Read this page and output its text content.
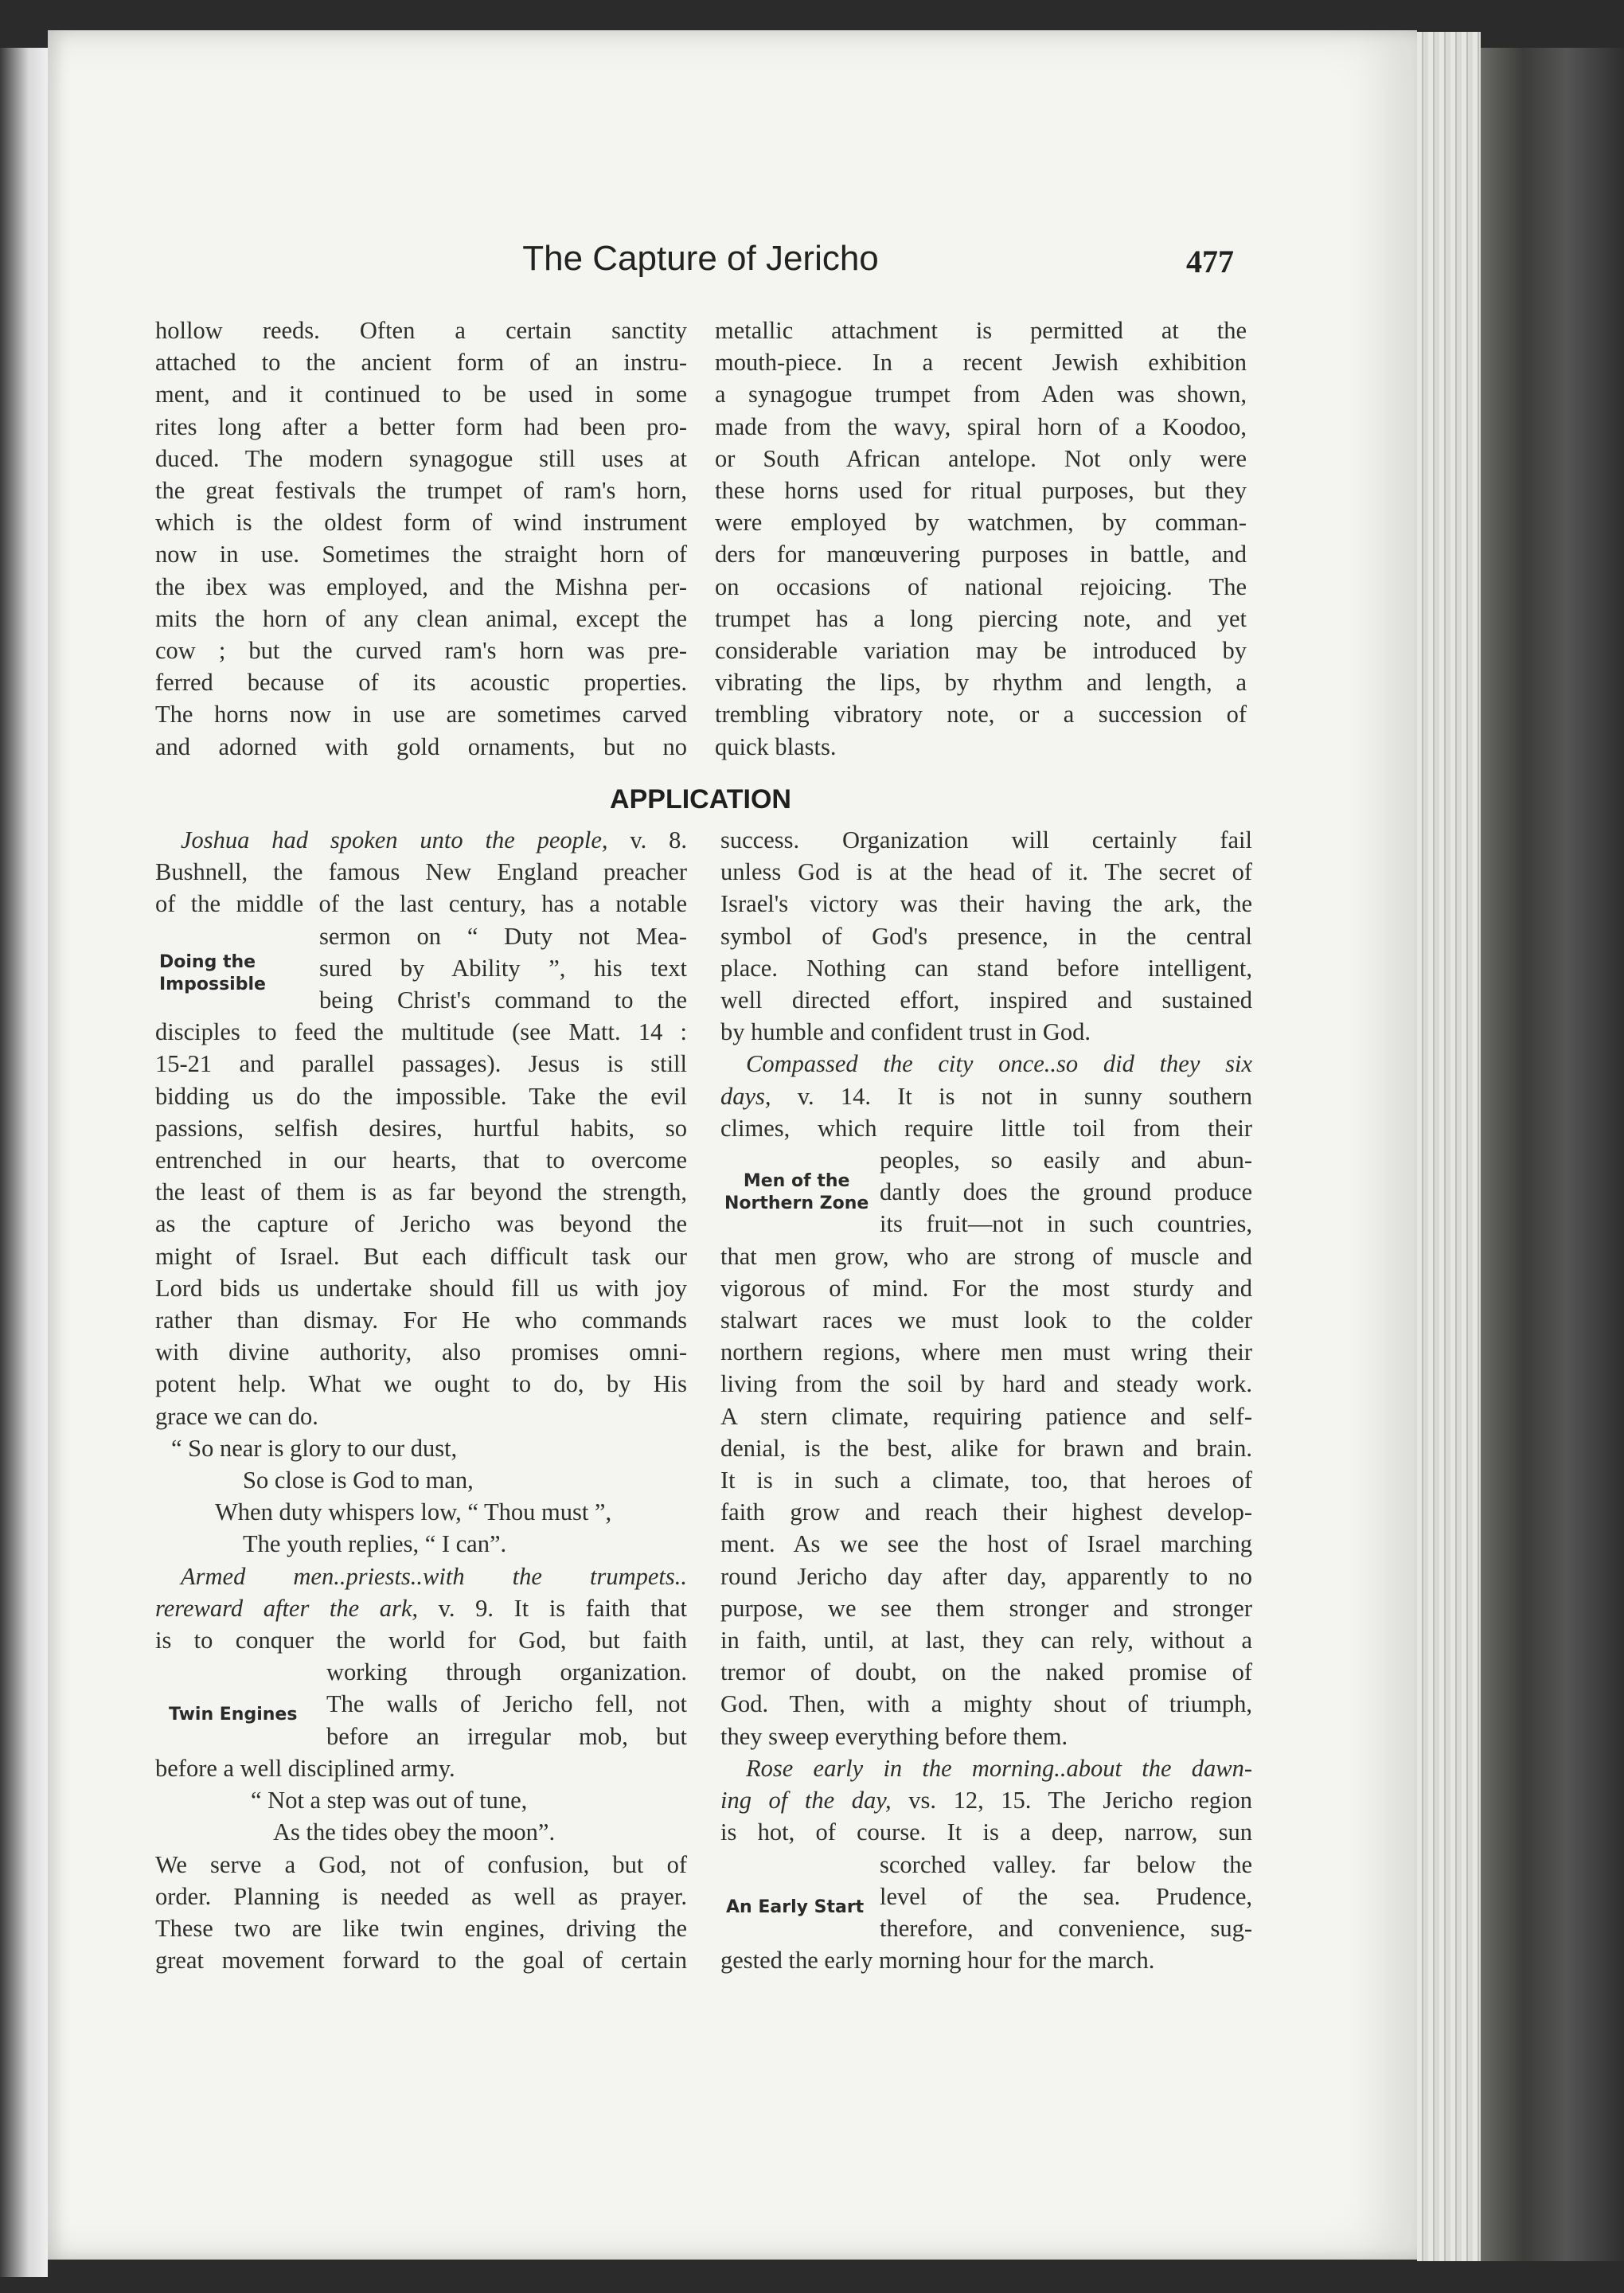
The Capture of Jericho	477
hollow reeds. Often a certain sanctity
attached to the ancient form of an instru-
ment, and it continued to be used in some
rites long after a better form had been pro-
duced. The modern synagogue still uses at
the great festivals the trumpet of ram's horn,
which is the oldest form of wind instrument
now in use. Sometimes the straight horn of
the ibex was employed, and the Mishna per-
mits the horn of any clean animal, except the
cow ; but the curved ram's horn was pre-
ferred because of its acoustic properties.
The horns now in use are sometimes carved
and adorned with gold ornaments, but no
metallic attachment is permitted at the
mouth-piece. In a recent Jewish exhibition
a synagogue trumpet from Aden was shown,
made from the wavy, spiral horn of a Koodoo,
or South African antelope. Not only were
these horns used for ritual purposes, but they
were employed by watchmen, by comman-
ders for manœuvering purposes in battle, and
on occasions of national rejoicing. The
trumpet has a long piercing note, and yet
considerable variation may be introduced by
vibrating the lips, by rhythm and length, a
trembling vibratory note, or a succession of
quick blasts.
APPLICATION
Joshua had spoken unto the people, v. 8.
Bushnell, the famous New England preacher
of the middle of the last century, has a notable
sermon on “ Duty not Mea-
sured by Ability ”, his text
being Christ's command to the
disciples to feed the multitude (see Matt. 14 :
15-21 and parallel passages). Jesus is still
bidding us do the impossible. Take the evil
passions, selfish desires, hurtful habits, so
entrenched in our hearts, that to overcome
the least of them is as far beyond the strength,
as the capture of Jericho was beyond the
might of Israel. But each difficult task our
Lord bids us undertake should fill us with joy
rather than dismay. For He who commands
with divine authority, also promises omni-
potent help. What we ought to do, by His
grace we can do.
“ So near is glory to our dust,
So close is God to man,
When duty whispers low, “ Thou must ”,
The youth replies, “ I can”.
Armed men..priests..with the trumpets..
rereward after the ark, v. 9. It is faith that
is to conquer the world for God, but faith
working through organization.
The walls of Jericho fell, not
before an irregular mob, but
before a well disciplined army.
“ Not a step was out of tune,
As the tides obey the moon”.
We serve a God, not of confusion, but of
order. Planning is needed as well as prayer.
These two are like twin engines, driving the
great movement forward to the goal of certain
success. Organization will certainly fail
unless God is at the head of it. The secret of
Israel's victory was their having the ark, the
symbol of God's presence, in the central
place. Nothing can stand before intelligent,
well directed effort, inspired and sustained
by humble and confident trust in God.
Compassed the city once..so did they six
days, v. 14. It is not in sunny southern
climes, which require little toil from their
peoples, so easily and abun-
dantly does the ground produce
its fruit—not in such countries,
that men grow, who are strong of muscle and
vigorous of mind. For the most sturdy and
stalwart races we must look to the colder
northern regions, where men must wring their
living from the soil by hard and steady work.
A stern climate, requiring patience and self-
denial, is the best, alike for brawn and brain.
It is in such a climate, too, that heroes of
faith grow and reach their highest develop-
ment. As we see the host of Israel marching
round Jericho day after day, apparently to no
purpose, we see them stronger and stronger
in faith, until, at last, they can rely, without a
tremor of doubt, on the naked promise of
God. Then, with a mighty shout of triumph,
they sweep everything before them.
Rose early in the morning..about the dawn-
ing of the day, vs. 12, 15. The Jericho region
is hot, of course. It is a deep, narrow, sun
scorched valley. far below the
level of the sea. Prudence,
therefore, and convenience, sug-
gested the early morning hour for the march.
Doing the
Impossible
Twin Engines
Men of the
Northern Zone
An Early Start
